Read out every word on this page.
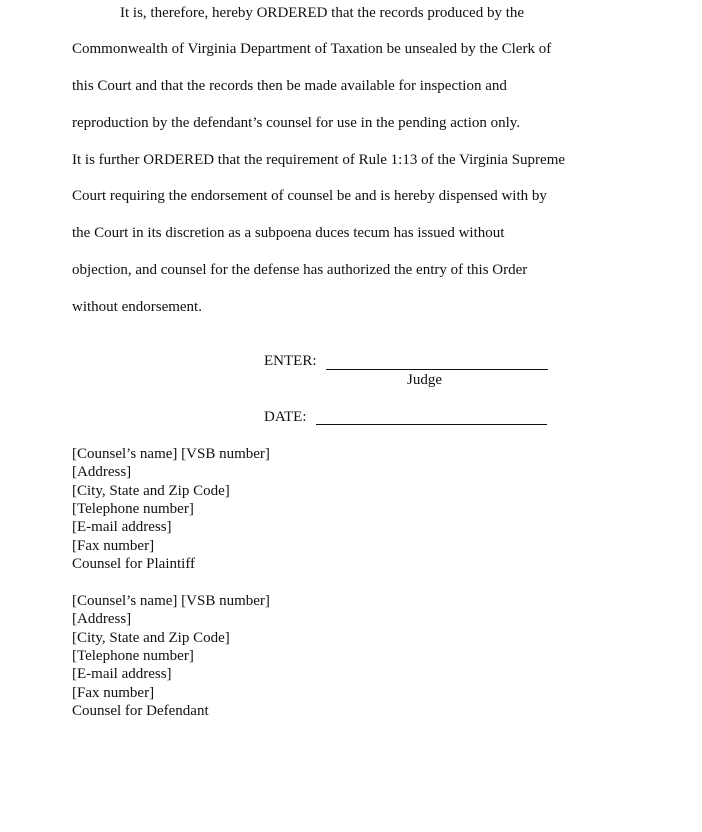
It is, therefore, hereby ORDERED that the records produced by the
Commonwealth of Virginia Department of Taxation be unsealed by the Clerk of
this Court and that the records then be made available for inspection and
reproduction by the defendant’s counsel for use in the pending action only.
It is further ORDERED that the requirement of Rule 1:13 of the Virginia Supreme
Court requiring the endorsement of counsel be and is hereby dispensed with by
the Court in its discretion as a subpoena duces tecum has issued without
objection, and counsel for the defense has authorized the entry of this Order
without endorsement.
ENTER:
Judge
DATE:
[Counsel’s name] [VSB number]
[Address]
[City, State and Zip Code]
[Telephone number]
[E-mail address]
[Fax number]
Counsel for Plaintiff
[Counsel’s name] [VSB number]
[Address]
[City, State and Zip Code]
[Telephone number]
[E-mail address]
[Fax number]
Counsel for Defendant
